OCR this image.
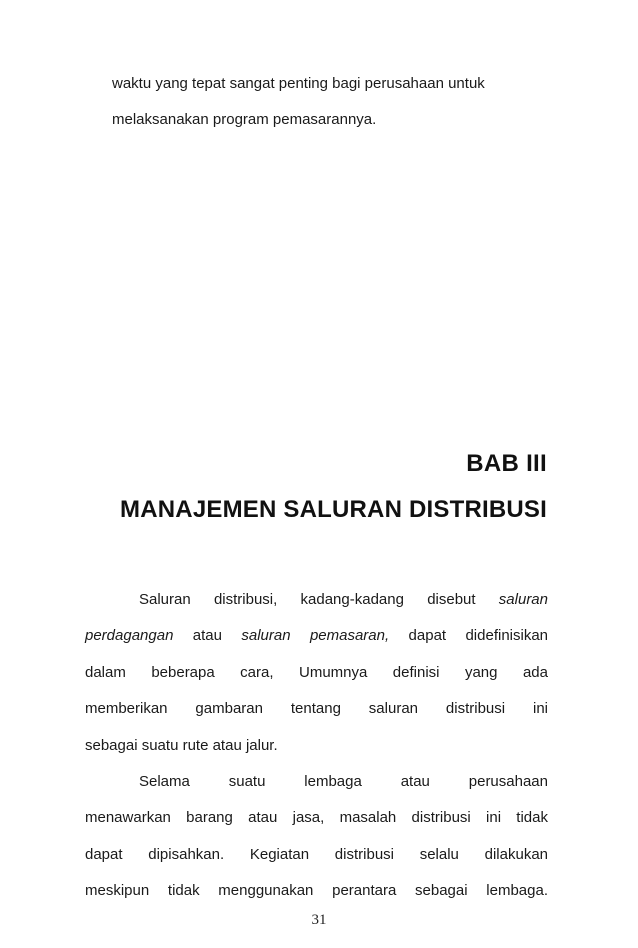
waktu yang tepat sangat penting bagi perusahaan untuk
melaksanakan program pemasarannya.
BAB III
MANAJEMEN SALURAN DISTRIBUSI
Saluran distribusi, kadang-kadang disebut saluran
perdagangan atau saluran pemasaran, dapat didefinisikan
dalam beberapa cara, Umumnya definisi yang ada
memberikan gambaran tentang saluran distribusi ini
sebagai suatu rute atau jalur.
Selama suatu lembaga atau perusahaan
menawarkan barang atau jasa, masalah distribusi ini tidak
dapat dipisahkan. Kegiatan distribusi selalu dilakukan
meskipun tidak menggunakan perantara sebagai lembaga.
31
